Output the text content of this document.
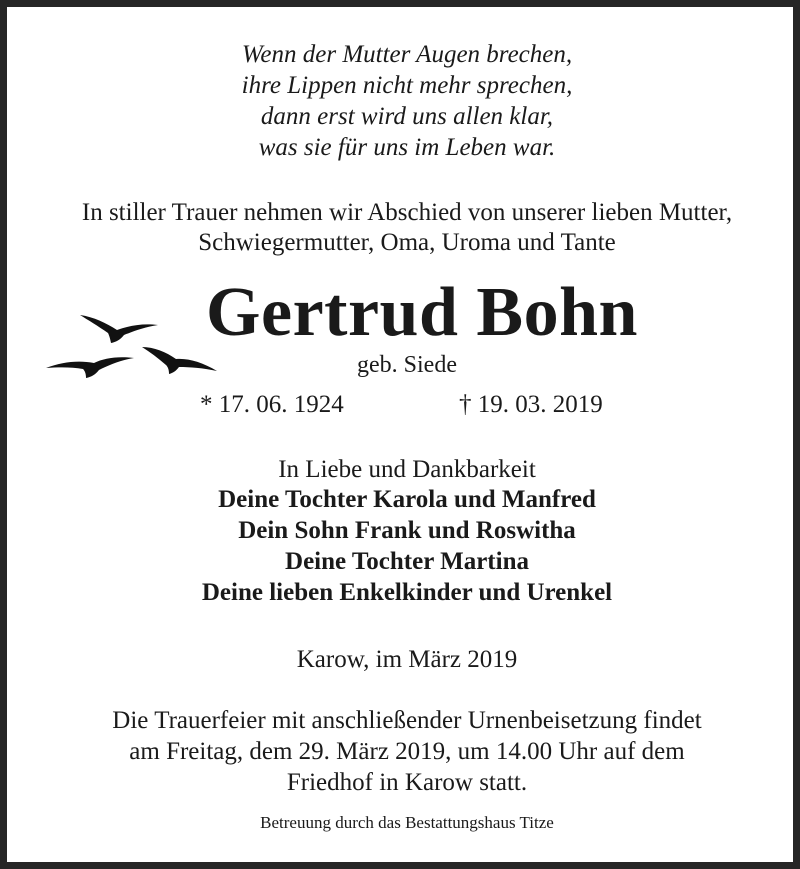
Wenn der Mutter Augen brechen,
ihre Lippen nicht mehr sprechen,
dann erst wird uns allen klar,
was sie für uns im Leben war.
In stiller Trauer nehmen wir Abschied von unserer lieben Mutter,
Schwiegermutter, Oma, Uroma und Tante
Gertrud Bohn
geb. Siede
* 17. 06. 1924	† 19. 03. 2019
In Liebe und Dankbarkeit
Deine Tochter Karola und Manfred
Dein Sohn Frank und Roswitha
Deine Tochter Martina
Deine lieben Enkelkinder und Urenkel
Karow, im März 2019
Die Trauerfeier mit anschließender Urnenbeisetzung findet
am Freitag, dem 29. März 2019, um 14.00 Uhr auf dem
Friedhof in Karow statt.
Betreuung durch das Bestattungshaus Titze
